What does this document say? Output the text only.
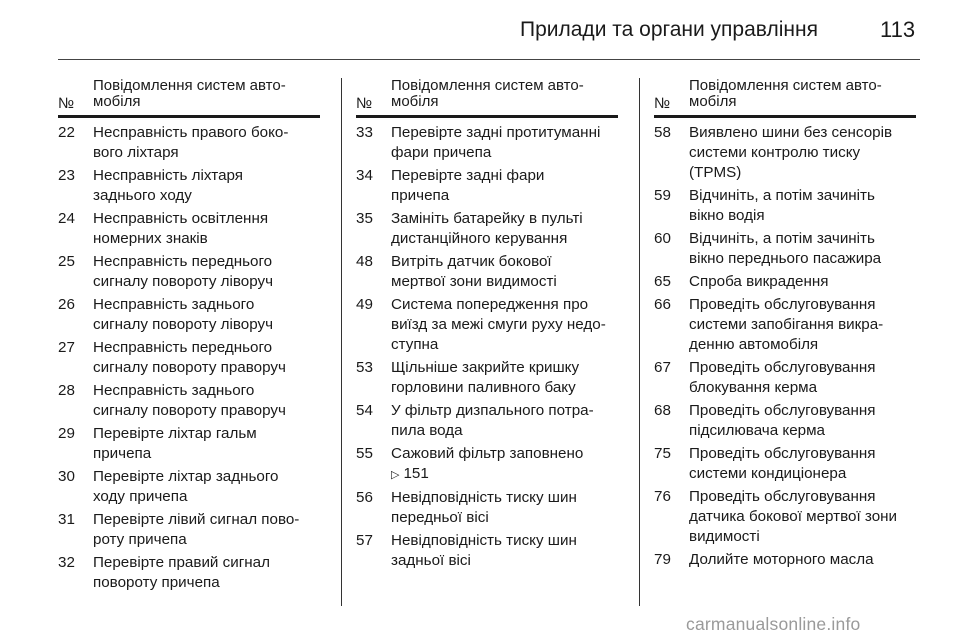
Прилади та органи управління	113
№
Повідомлення систем авто-
мобіля
22	Несправність правого боко-
вого ліхтаря
23	Несправність ліхтаря
заднього ходу
24	Несправність освітлення
номерних знаків
25	Несправність переднього
сигналу повороту ліворуч
26	Несправність заднього
сигналу повороту ліворуч
27	Несправність переднього
сигналу повороту праворуч
28	Несправність заднього
сигналу повороту праворуч
29	Перевірте ліхтар гальм
причепа
30	Перевірте ліхтар заднього
ходу причепа
31	Перевірте лівий сигнал пово-
роту причепа
32	Перевірте правий сигнал
повороту причепа
№
Повідомлення систем авто-
мобіля
33	Перевірте задні протитуманні
фари причепа
34	Перевірте задні фари
причепа
35	Замініть батарейку в пульті
дистанційного керування
48	Витріть датчик бокової
мертвої зони видимості
49	Система попередження про
виїзд за межі смуги руху недо-
ступна
53	Щільніше закрийте кришку
горловини паливного баку
54	У фільтр дизпального потра-
пила вода
55	Сажовий фільтр заповнено
▷ 151
56	Невідповідність тиску шин
передньої вісі
57	Невідповідність тиску шин
задньої вісі
№
Повідомлення систем авто-
мобіля
58	Виявлено шини без сенсорів
системи контролю тиску
(TPMS)
59	Відчиніть, а потім зачиніть
вікно водія
60	Відчиніть, а потім зачиніть
вікно переднього пасажира
65	Спроба викрадення
66	Проведіть обслуговування
системи запобігання викра-
денню автомобіля
67	Проведіть обслуговування
блокування керма
68	Проведіть обслуговування
підсилювача керма
75	Проведіть обслуговування
системи кондиціонера
76	Проведіть обслуговування
датчика бокової мертвої зони
видимості
79	Долийте моторного масла
carmanualsonline.info
